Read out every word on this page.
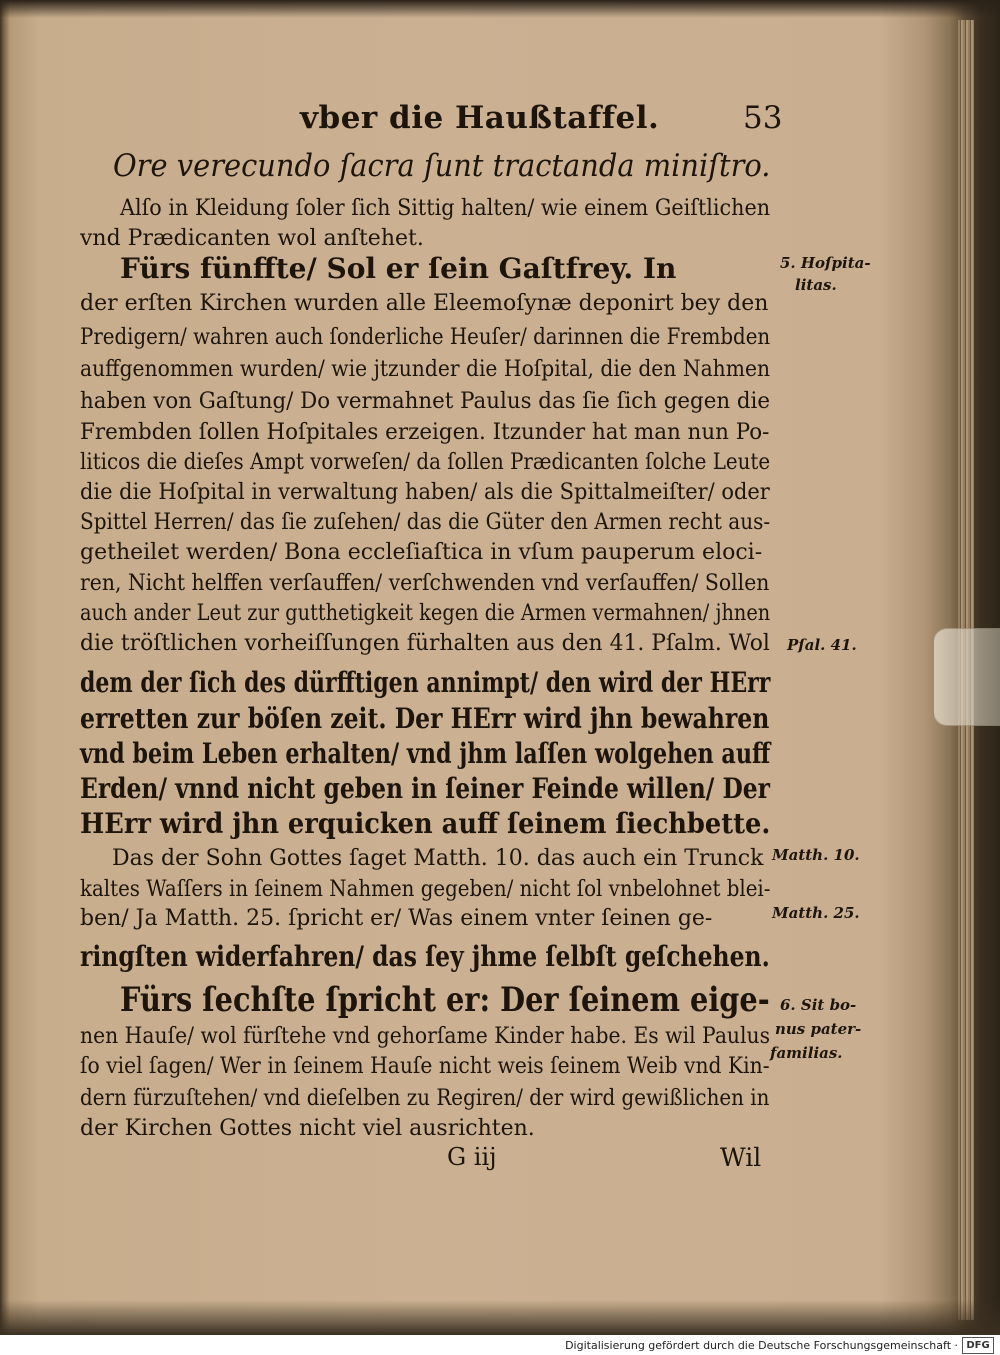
vber die Haußtaffel.	53
Ore verecundo ſacra ſunt tractanda miniſtro.
Alſo in Kleidung ſoler ſich Sittig halten/ wie einem Geiſtlichen
vnd Prædicanten wol anſtehet.
Fürs fünffte/ Sol er ſein Gaſtfrey. In
der erſten Kirchen wurden alle Eleemoſynæ deponirt bey den
Predigern/ wahren auch ſonderliche Heuſer/ darinnen die Frembden
auffgenommen wurden/ wie jtzunder die Hoſpital, die den Nahmen
haben von Gaſtung/ Do vermahnet Paulus das ſie ſich gegen die
Frembden ſollen Hoſpitales erzeigen. Itzunder hat man nun Po-
liticos die dieſes Ampt vorweſen/ da ſollen Prædicanten ſolche Leute
die die Hoſpital in verwaltung haben/ als die Spittalmeiſter/ oder
Spittel Herren/ das ſie zuſehen/ das die Güter den Armen recht aus-
getheilet werden/ Bona eccleſiaſtica in vſum pauperum eloci-
ren, Nicht helffen verſauffen/ verſchwenden vnd verſauffen/ Sollen
auch ander Leut zur gutthetigkeit kegen die Armen vermahnen/ jhnen
die tröſtlichen vorheiſſungen fürhalten aus den 41. Pſalm. Wol
dem der ſich des dürfftigen annimpt/ den wird der HErr
erretten zur böſen zeit. Der HErr wird jhn bewahren
vnd beim Leben erhalten/ vnd jhm laſſen wolgehen auff
Erden/ vnnd nicht geben in ſeiner Feinde willen/ Der
HErr wird jhn erquicken auff ſeinem ſiechbette.
Das der Sohn Gottes ſaget Matth. 10. das auch ein Trunck
kaltes Waſſers in ſeinem Nahmen gegeben/ nicht ſol vnbelohnet blei-
ben/ Ja Matth. 25. ſpricht er/ Was einem vnter ſeinen ge-
ringſten widerfahren/ das ſey jhme ſelbſt geſchehen.
Fürs ſechſte ſpricht er: Der ſeinem eige-
nen Hauſe/ wol fürſtehe vnd gehorſame Kinder habe. Es wil Paulus
ſo viel ſagen/ Wer in ſeinem Hauſe nicht weis ſeinem Weib vnd Kin-
dern fürzuſtehen/ vnd dieſelben zu Regiren/ der wird gewißlichen in
der Kirchen Gottes nicht viel ausrichten.
5. Hoſpita-
litas.
Pſal. 41.
Matth. 10.
Matth. 25.
6. Sit bo-
nus pater-
familias.
G iij	Wil
Digitalisierung gefördert durch die Deutsche Forschungsgemeinschaft · DFG
